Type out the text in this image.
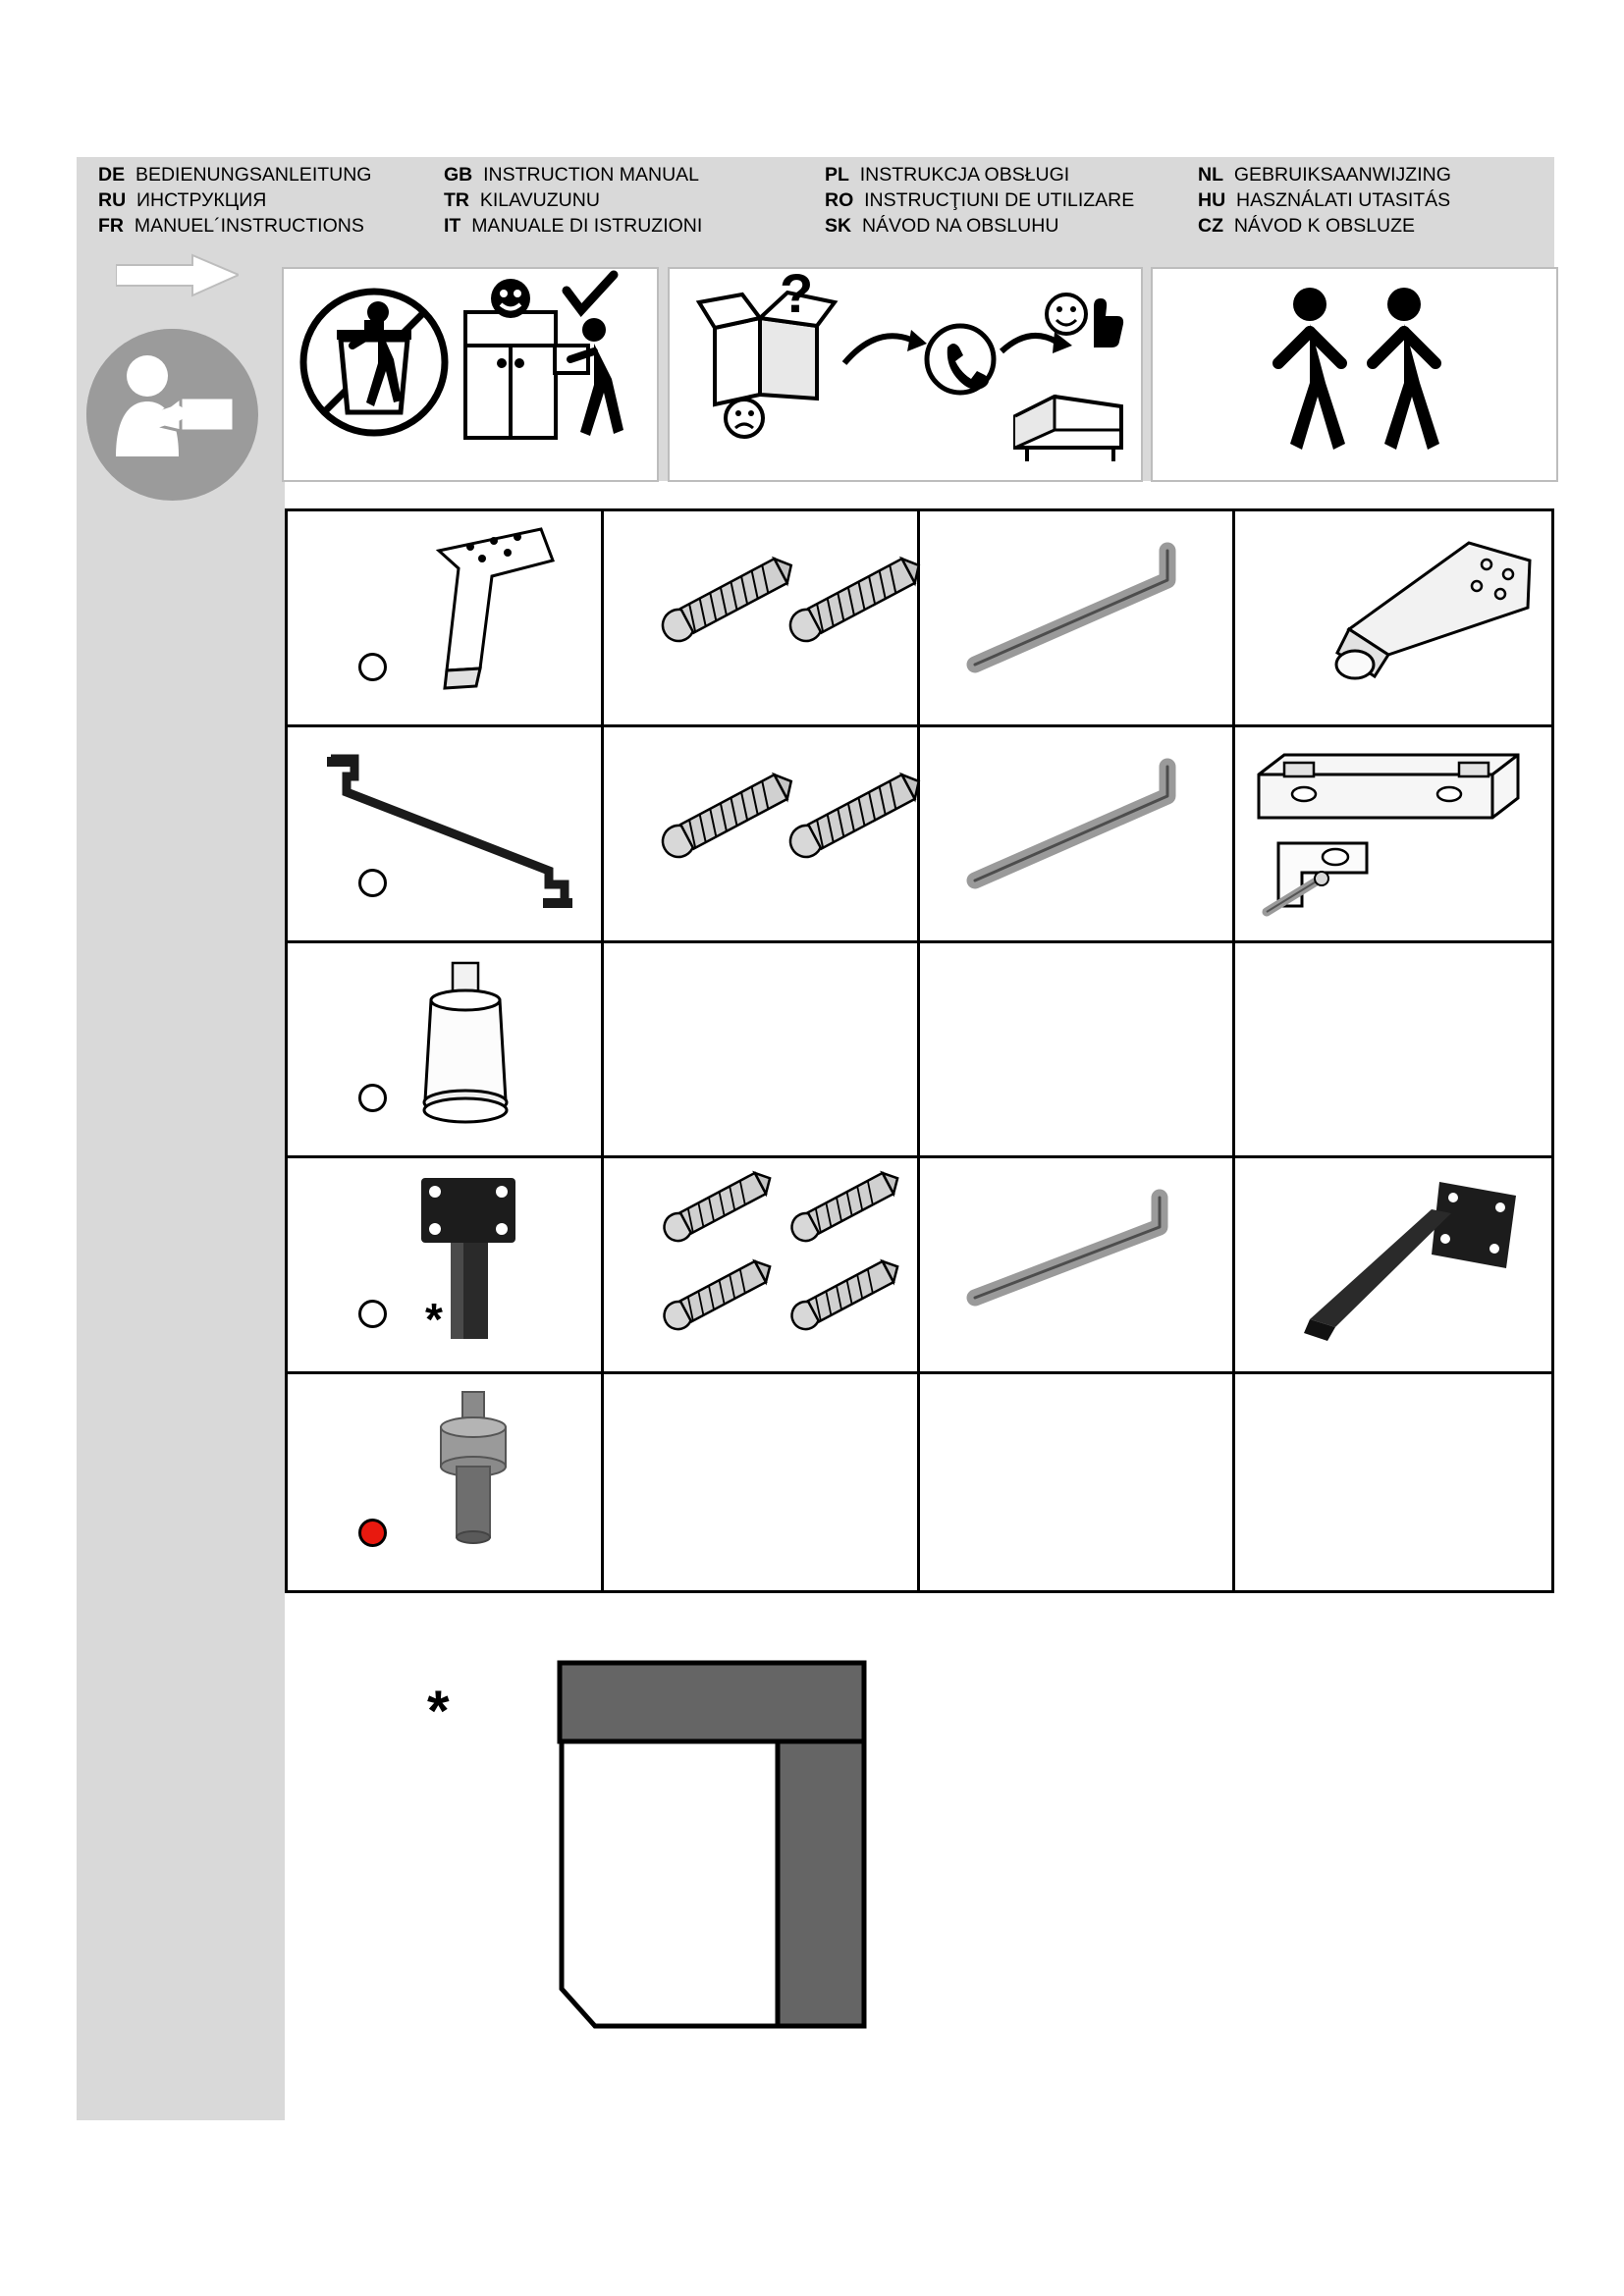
DE BEDIENUNGSANLEITUNG
RU ИНСТРУКЦИЯ
FR MANUEL´INSTRUCTIONS
GB INSTRUCTION MANUAL
TR KILAVUZUNU
IT MANUALE DI ISTRUZIONI
PL INSTRUKCJA OBSŁUGI
RO INSTRUCŢIUNI DE UTILIZARE
SK NÁVOD NA OBSLUHU
NL GEBRUIKSAANWIJZING
HU HASZNÁLATI UTASITÁS
CZ NÁVOD K OBSLUZE
?
*
*
